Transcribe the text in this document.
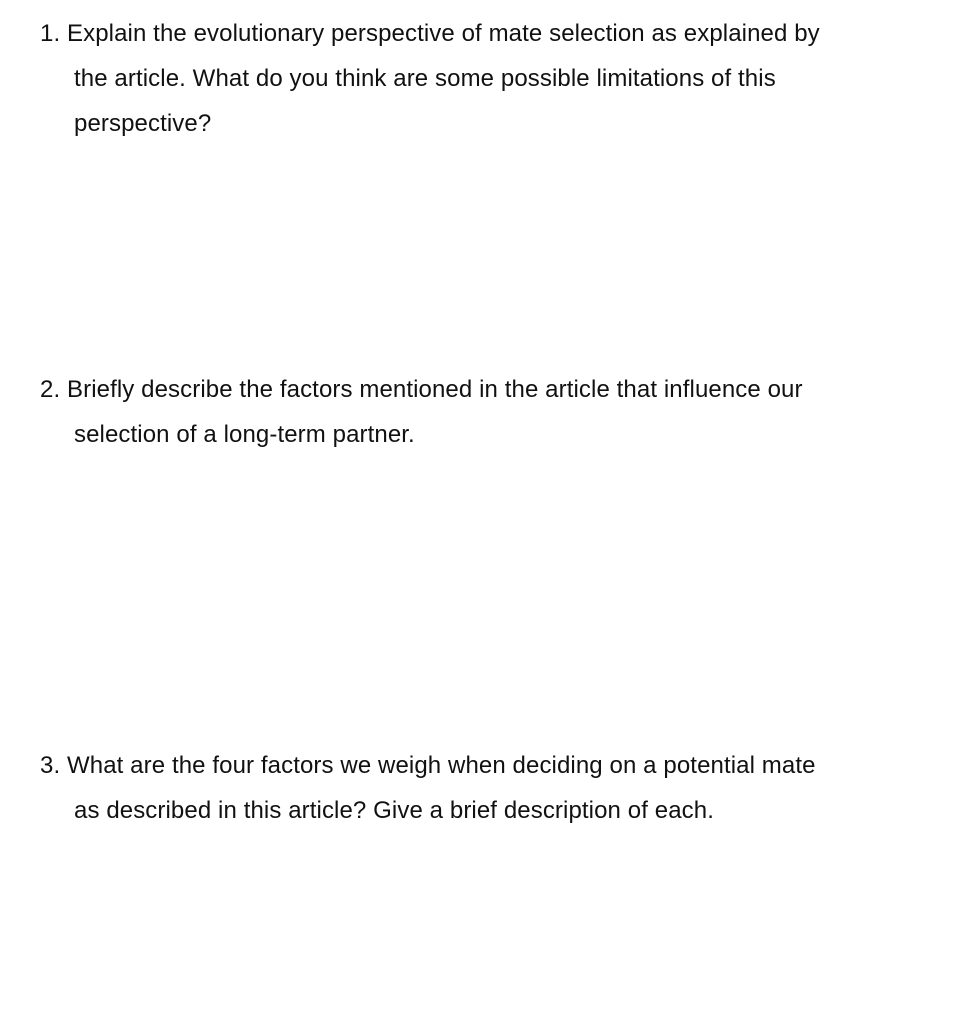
1. Explain the evolutionary perspective of mate selection as explained by
the article. What do you think are some possible limitations of this
perspective?
2. Briefly describe the factors mentioned in the article that influence our
selection of a long-term partner.
3. What are the four factors we weigh when deciding on a potential mate
as described in this article? Give a brief description of each.
